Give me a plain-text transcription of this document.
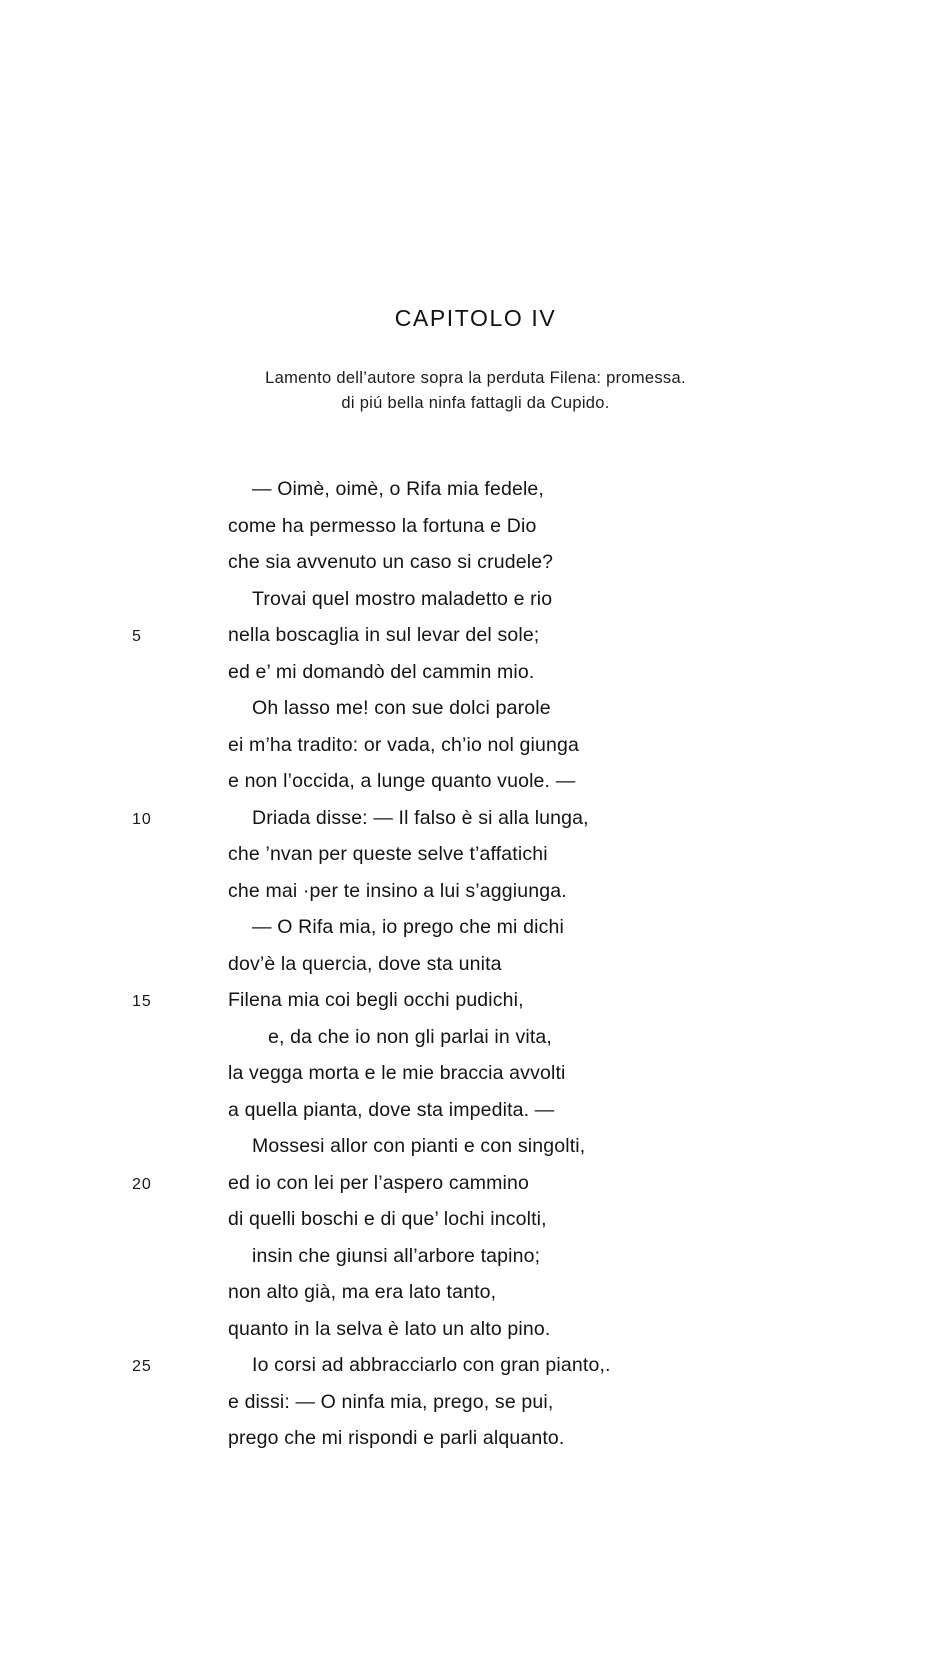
CAPITOLO IV
Lamento dell’autore sopra la perduta Filena: promessa.
di piú bella ninfa fattagli da Cupido.
— Oimè, oimè, o Rifa mia fedele,
come ha permesso la fortuna e Dio
che sia avvenuto un caso si crudele?
Trovai quel mostro maladetto e rio
5	nella boscaglia in sul levar del sole;
ed e’ mi domandò del cammin mio.
Oh lasso me! con sue dolci parole
ei m’ha tradito: or vada, ch’io nol giunga
e non l’occida, a lunge quanto vuole. —
10	Driada disse: — Il falso è si alla lunga,
che ’nvan per queste selve t’affatichi
che mai ·per te insino a lui s’aggiunga.
— O Rifa mia, io prego che mi dichi
dov’è la quercia, dove sta unita
15	Filena mia coi begli occhi pudichi,
e, da che io non gli parlai in vita,
la vegga morta e le mie braccia avvolti
a quella pianta, dove sta impedita. —
Mossesi allor con pianti e con singolti,
20	ed io con lei per l’aspero cammino
di quelli boschi e di que’ lochi incolti,
insin che giunsi all’arbore tapino;
non alto già, ma era lato tanto,
quanto in la selva è lato un alto pino.
25	Io corsi ad abbracciarlo con gran pianto,.
e dissi: — O ninfa mia, prego, se pui,
prego che mi rispondi e parli alquanto.
